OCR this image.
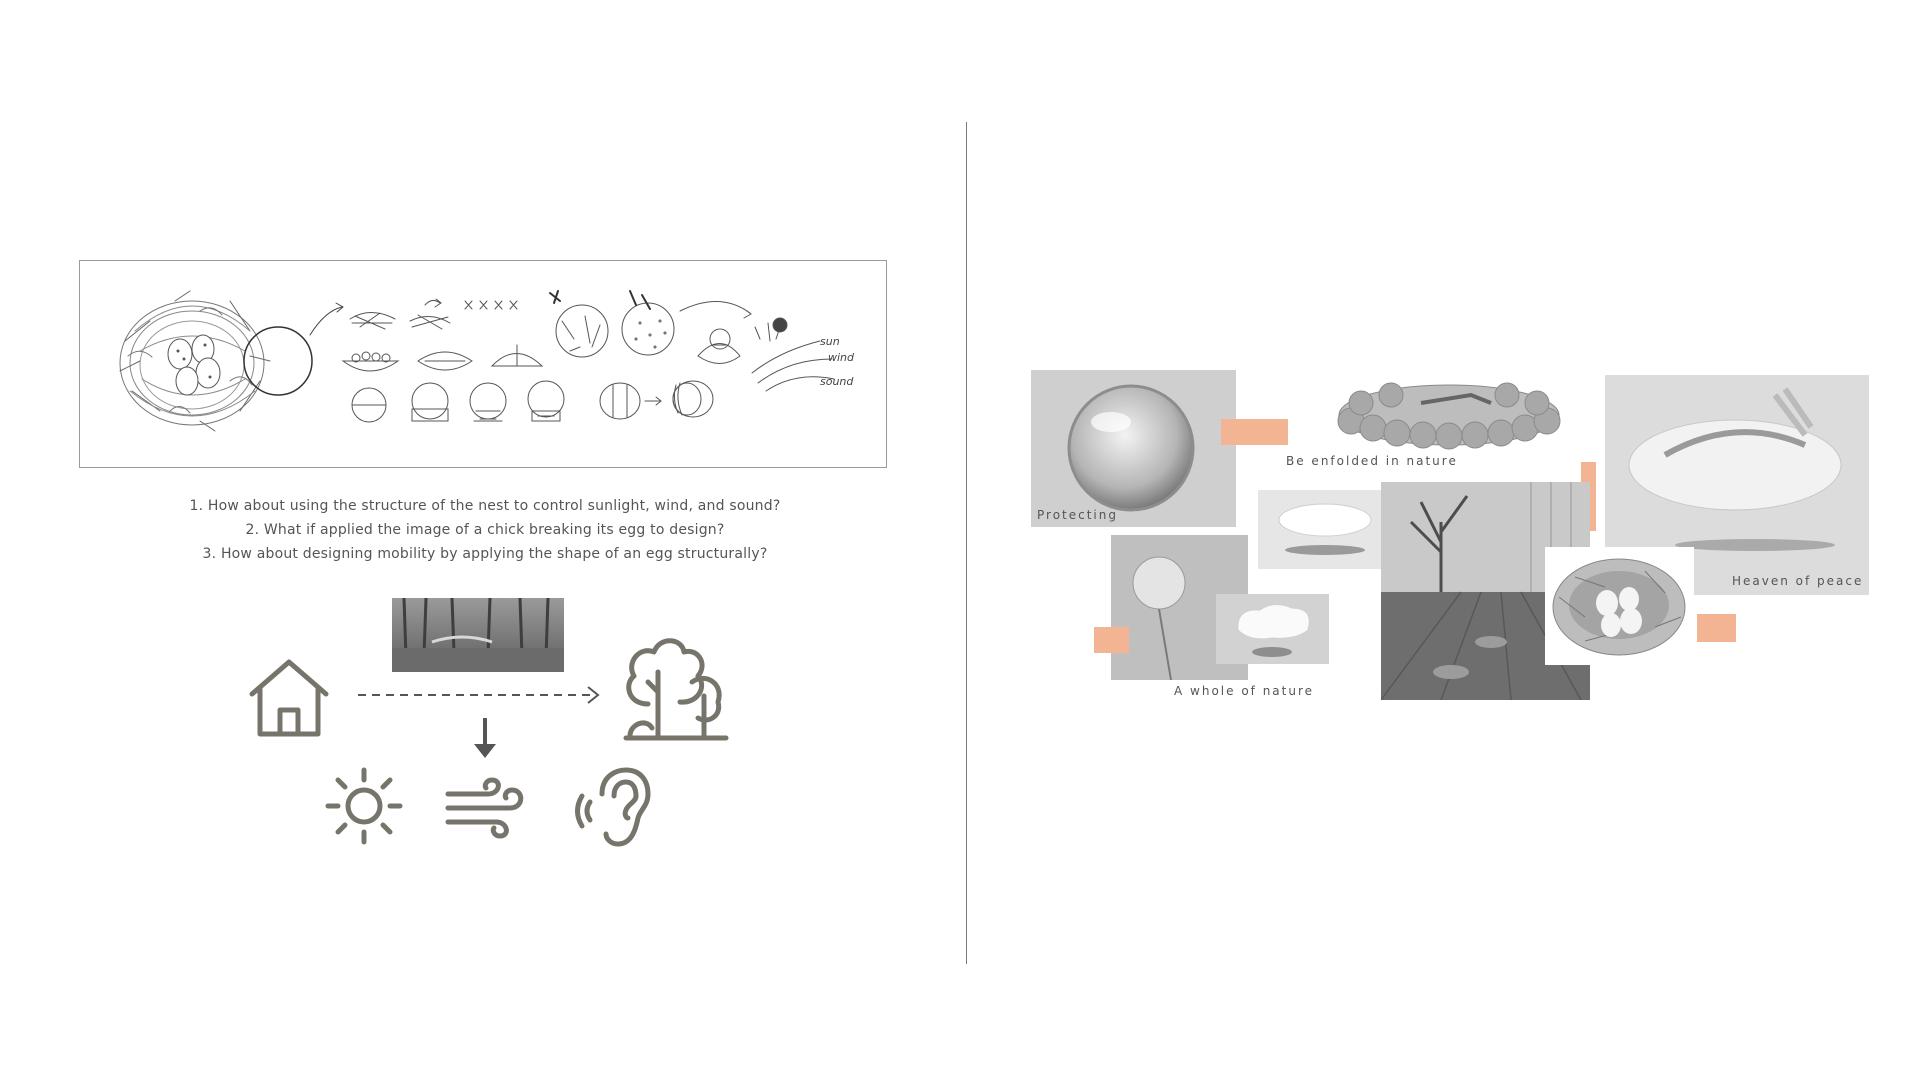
sun
wind
sound
1. How about using the structure of the nest to control sunlight, wind, and sound?
2. What if applied the image of a chick breaking its egg to design?
3. How about designing mobility by applying the shape of an egg structurally?
Protecting
Be enfolded in nature
Heaven of peace
A whole of nature
